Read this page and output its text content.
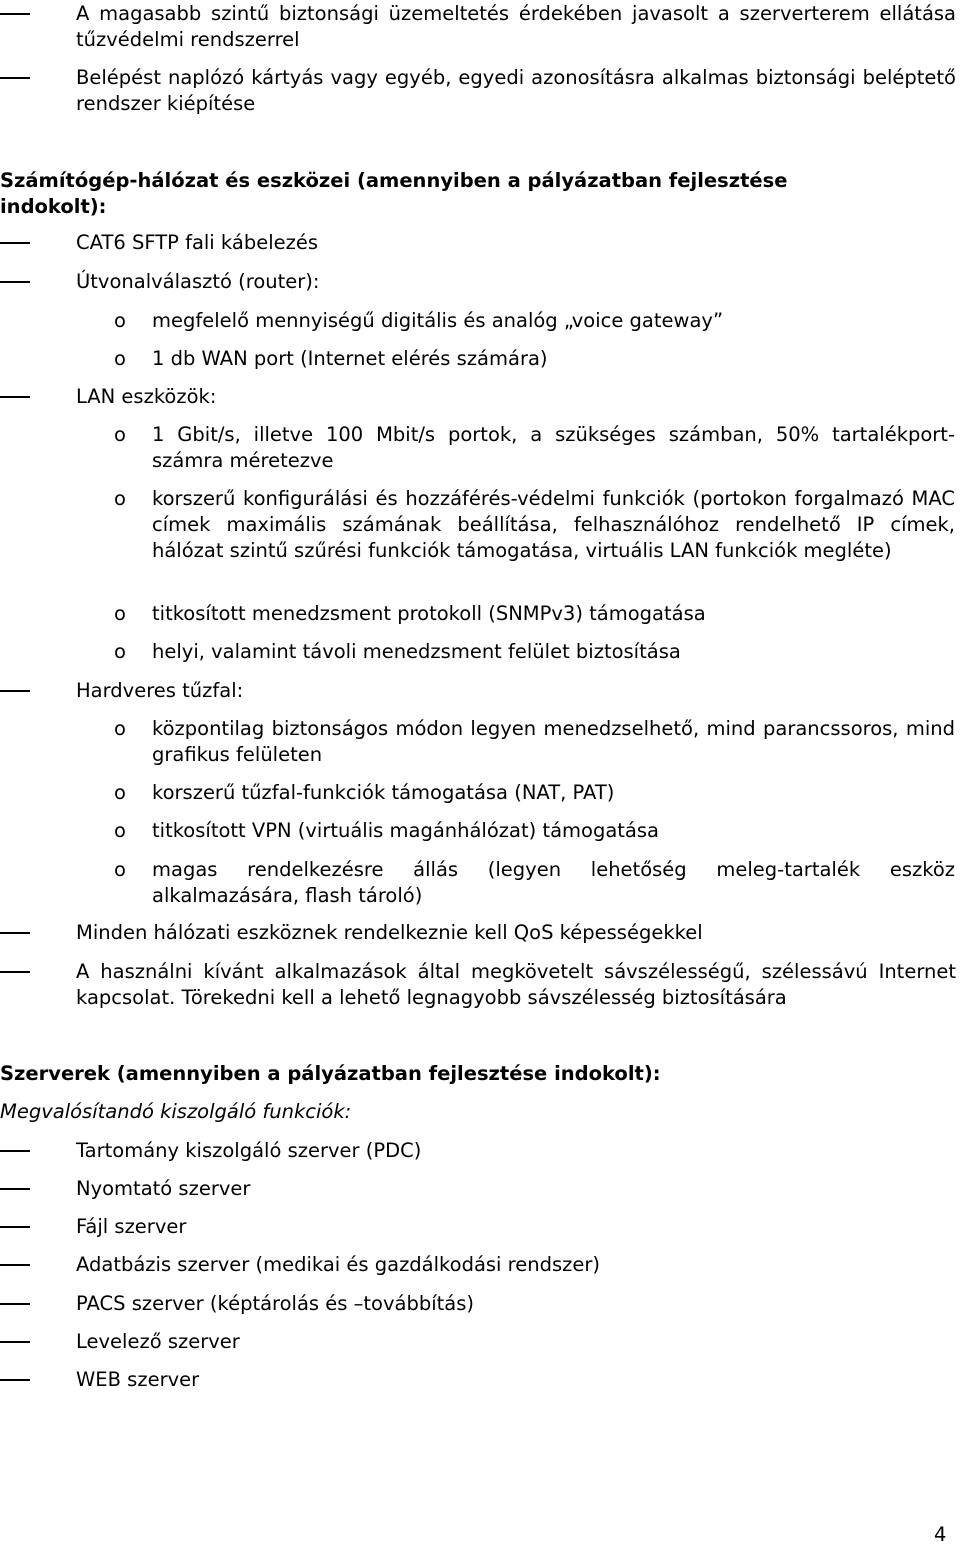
A magasabb szintű biztonsági üzemeltetés érdekében javasolt a szerverterem ellátása tűzvédelmi rendszerrel
Belépést naplózó kártyás vagy egyéb, egyedi azonosításra alkalmas biztonsági beléptető rendszer kiépítése
Számítógép-hálózat és eszközei (amennyiben a pályázatban fejlesztése indokolt):
CAT6 SFTP fali kábelezés
Útvonalválasztó (router):
o megfelelő mennyiségű digitális és analóg „voice gateway”
o 1 db WAN port (Internet elérés számára)
LAN eszközök:
o 1 Gbit/s, illetve 100 Mbit/s portok, a szükséges számban, 50% tartalékport-számra méretezve
o korszerű konfigurálási és hozzáférés-védelmi funkciók (portokon forgalmazó MAC címek maximális számának beállítása, felhasználóhoz rendelhető IP címek, hálózat szintű szűrési funkciók támogatása, virtuális LAN funkciók megléte)
o titkosított menedzsment protokoll (SNMPv3) támogatása
o helyi, valamint távoli menedzsment felület biztosítása
Hardveres tűzfal:
o központilag biztonságos módon legyen menedzselhető, mind parancssoros, mind grafikus felületen
o korszerű tűzfal-funkciók támogatása (NAT, PAT)
o titkosított VPN (virtuális magánhálózat) támogatása
o magas rendelkezésre állás (legyen lehetőség meleg-tartalék eszköz alkalmazására, flash tároló)
Minden hálózati eszköznek rendelkeznie kell QoS képességekkel
A használni kívánt alkalmazások által megkövetelt sávszélességű, szélessávú Internet kapcsolat. Törekedni kell a lehető legnagyobb sávszélesség biztosítására
Szerverek (amennyiben a pályázatban fejlesztése indokolt):
Megvalósítandó kiszolgáló funkciók:
Tartomány kiszolgáló szerver (PDC)
Nyomtató szerver
Fájl szerver
Adatbázis szerver (medikai és gazdálkodási rendszer)
PACS szerver (képtárolás és –továbbítás)
Levelező szerver
WEB szerver
4
